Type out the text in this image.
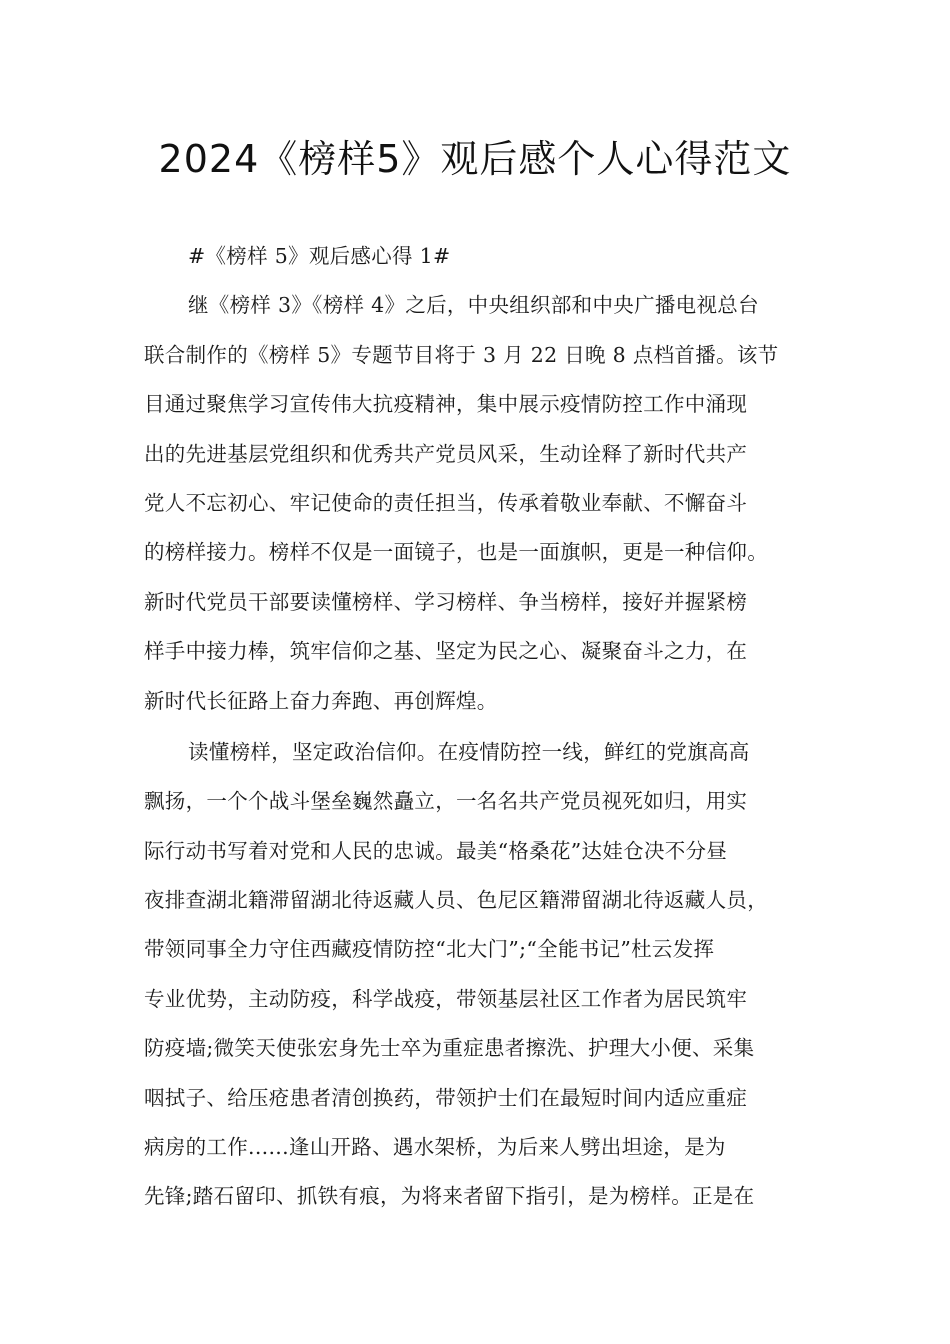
2024《榜样5》观后感个人心得范文
#《榜样 5》观后感心得 1#
继《榜样 3》《榜样 4》之后，中央组织部和中央广播电视总台
联合制作的《榜样 5》专题节目将于 3 月 22 日晚 8 点档首播。该节
目通过聚焦学习宣传伟大抗疫精神，集中展示疫情防控工作中涌现
出的先进基层党组织和优秀共产党员风采，生动诠释了新时代共产
党人不忘初心、牢记使命的责任担当，传承着敬业奉献、不懈奋斗
的榜样接力。榜样不仅是一面镜子，也是一面旗帜，更是一种信仰。
新时代党员干部要读懂榜样、学习榜样、争当榜样，接好并握紧榜
样手中接力棒，筑牢信仰之基、坚定为民之心、凝聚奋斗之力，在
新时代长征路上奋力奔跑、再创辉煌。
读懂榜样，坚定政治信仰。在疫情防控一线，鲜红的党旗高高
飘扬，一个个战斗堡垒巍然矗立，一名名共产党员视死如归，用实
际行动书写着对党和人民的忠诚。最美“格桑花”达娃仓决不分昼
夜排查湖北籍滞留湖北待返藏人员、色尼区籍滞留湖北待返藏人员，
带领同事全力守住西藏疫情防控“北大门”;“全能书记”杜云发挥
专业优势，主动防疫，科学战疫，带领基层社区工作者为居民筑牢
防疫墙;微笑天使张宏身先士卒为重症患者擦洗、护理大小便、采集
咽拭子、给压疮患者清创换药，带领护士们在最短时间内适应重症
病房的工作......逢山开路、遇水架桥，为后来人劈出坦途，是为
先锋;踏石留印、抓铁有痕，为将来者留下指引，是为榜样。正是在
